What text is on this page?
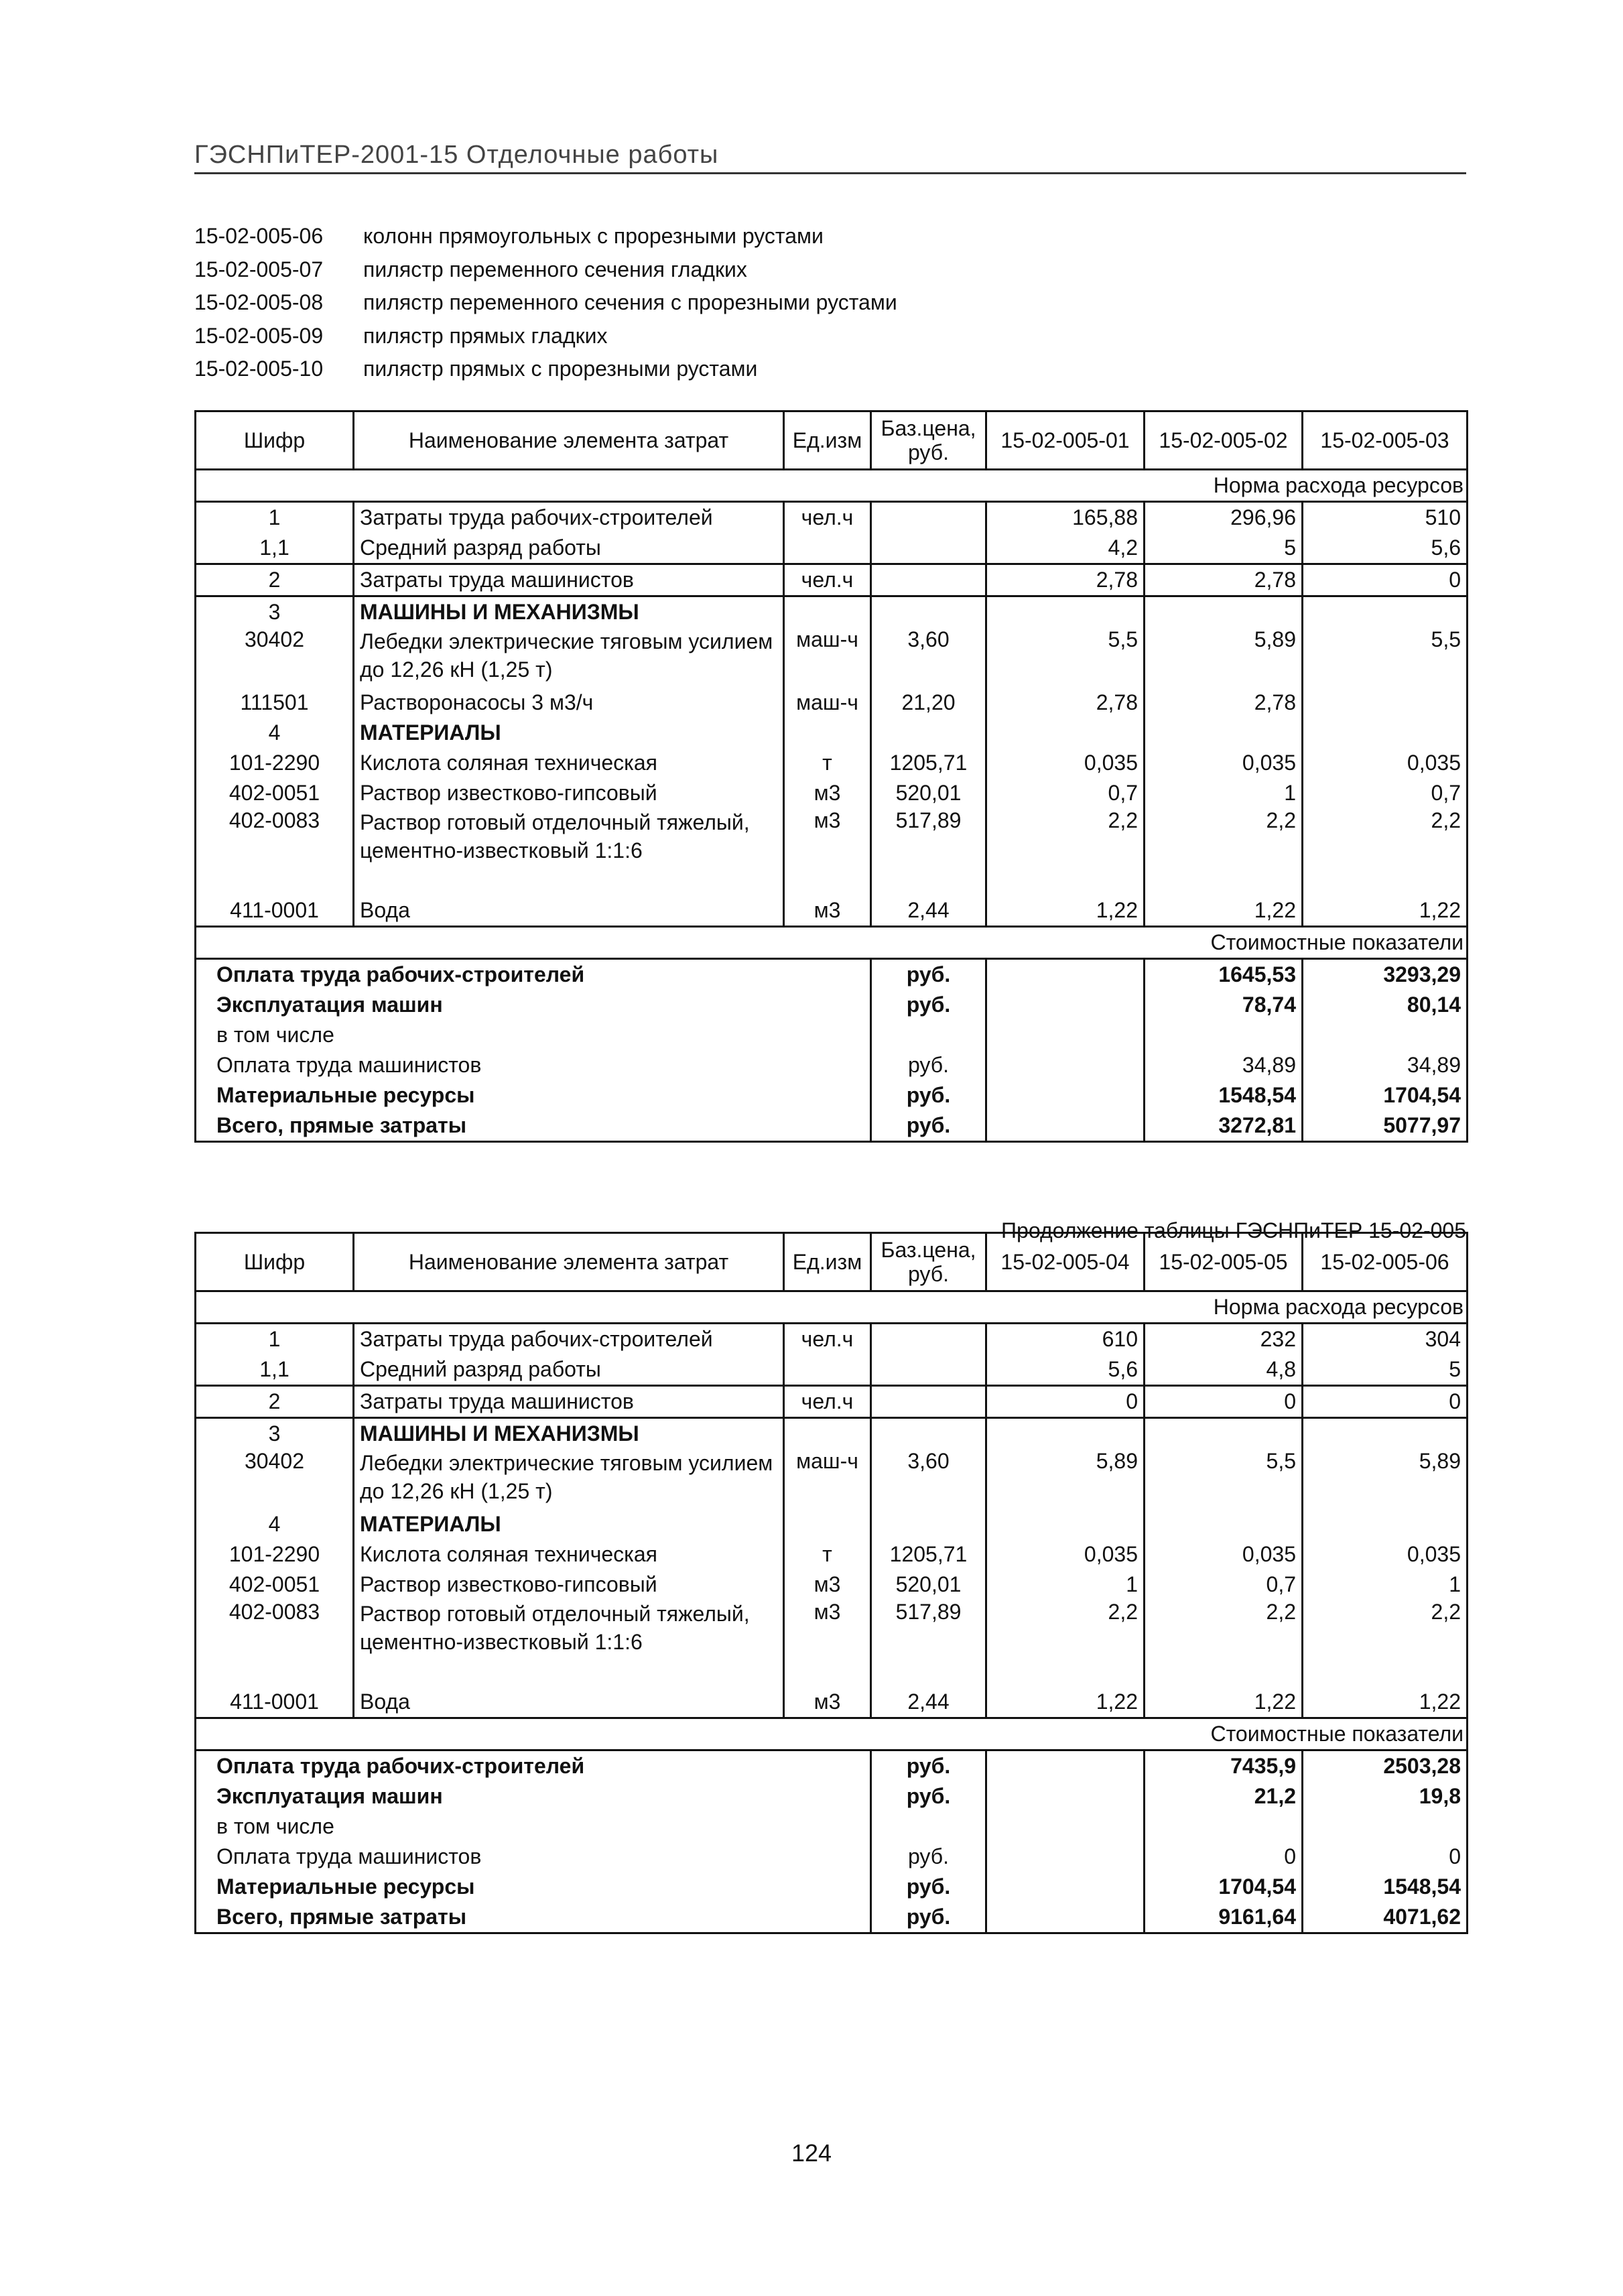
ГЭСНПиТЕР-2001-15 Отделочные работы
15-02-005-06	колонн прямоугольных с прорезными рустами
15-02-005-07	пилястр переменного сечения гладких
15-02-005-08	пилястр переменного сечения с прорезными рустами
15-02-005-09	пилястр прямых гладких
15-02-005-10	пилястр прямых с прорезными рустами
Шифр	Наименование элемента затрат	Ед.изм	Баз.цена, руб.	15-02-005-01	15-02-005-02	15-02-005-03	
Норма расхода ресурсов							
1	Затраты труда рабочих-строителей	чел.ч		165,88	296,96	510	
1,1	Средний разряд работы			4,2	5	5,6	
2	Затраты труда машинистов	чел.ч		2,78	2,78	0	
3	МАШИНЫ И МЕХАНИЗМЫ						
30402	Лебедки электрические тяговым усилием до 12,26 кН (1,25 т)	маш-ч	3,60	5,5	5,89	5,5	
111501	Растворонасосы 3 м3/ч	маш-ч	21,20	2,78	2,78		
4	МАТЕРИАЛЫ						
101-2290	Кислота соляная техническая	т	1205,71	0,035	0,035	0,035	
402-0051	Раствор известково-гипсовый	м3	520,01	0,7	1	0,7	
402-0083	Раствор готовый отделочный тяжелый, цементно-известковый 1:1:6	м3	517,89	2,2	2,2	2,2	
411-0001	Вода	м3	2,44	1,22	1,22	1,22	
Стоимостные показатели							
Оплата труда рабочих-строителей			руб.		1645,53	3293,29	
Эксплуатация машин			руб.		78,74	80,14	
в том числе							
Оплата труда машинистов			руб.		34,89	34,89	
Материальные ресурсы			руб.		1548,54	1704,54	
Всего, прямые затраты			руб.		3272,81	5077,97	
Продолжение таблицы ГЭСНПиТЕР 15-02-005
Шифр	Наименование элемента затрат	Ед.изм	Баз.цена, руб.	15-02-005-04	15-02-005-05	15-02-005-06	
Норма расхода ресурсов							
1	Затраты труда рабочих-строителей	чел.ч		610	232	304	
1,1	Средний разряд работы			5,6	4,8	5	
2	Затраты труда машинистов	чел.ч		0	0	0	
3	МАШИНЫ И МЕХАНИЗМЫ						
30402	Лебедки электрические тяговым усилием до 12,26 кН (1,25 т)	маш-ч	3,60	5,89	5,5	5,89	
4	МАТЕРИАЛЫ						
101-2290	Кислота соляная техническая	т	1205,71	0,035	0,035	0,035	
402-0051	Раствор известково-гипсовый	м3	520,01	1	0,7	1	
402-0083	Раствор готовый отделочный тяжелый, цементно-известковый 1:1:6	м3	517,89	2,2	2,2	2,2	
411-0001	Вода	м3	2,44	1,22	1,22	1,22	
Стоимостные показатели							
Оплата труда рабочих-строителей			руб.		7435,9	2503,28	
Эксплуатация машин			руб.		21,2	19,8	
в том числе							
Оплата труда машинистов			руб.		0	0	
Материальные ресурсы			руб.		1704,54	1548,54	
Всего, прямые затраты			руб.		9161,64	4071,62	
124
